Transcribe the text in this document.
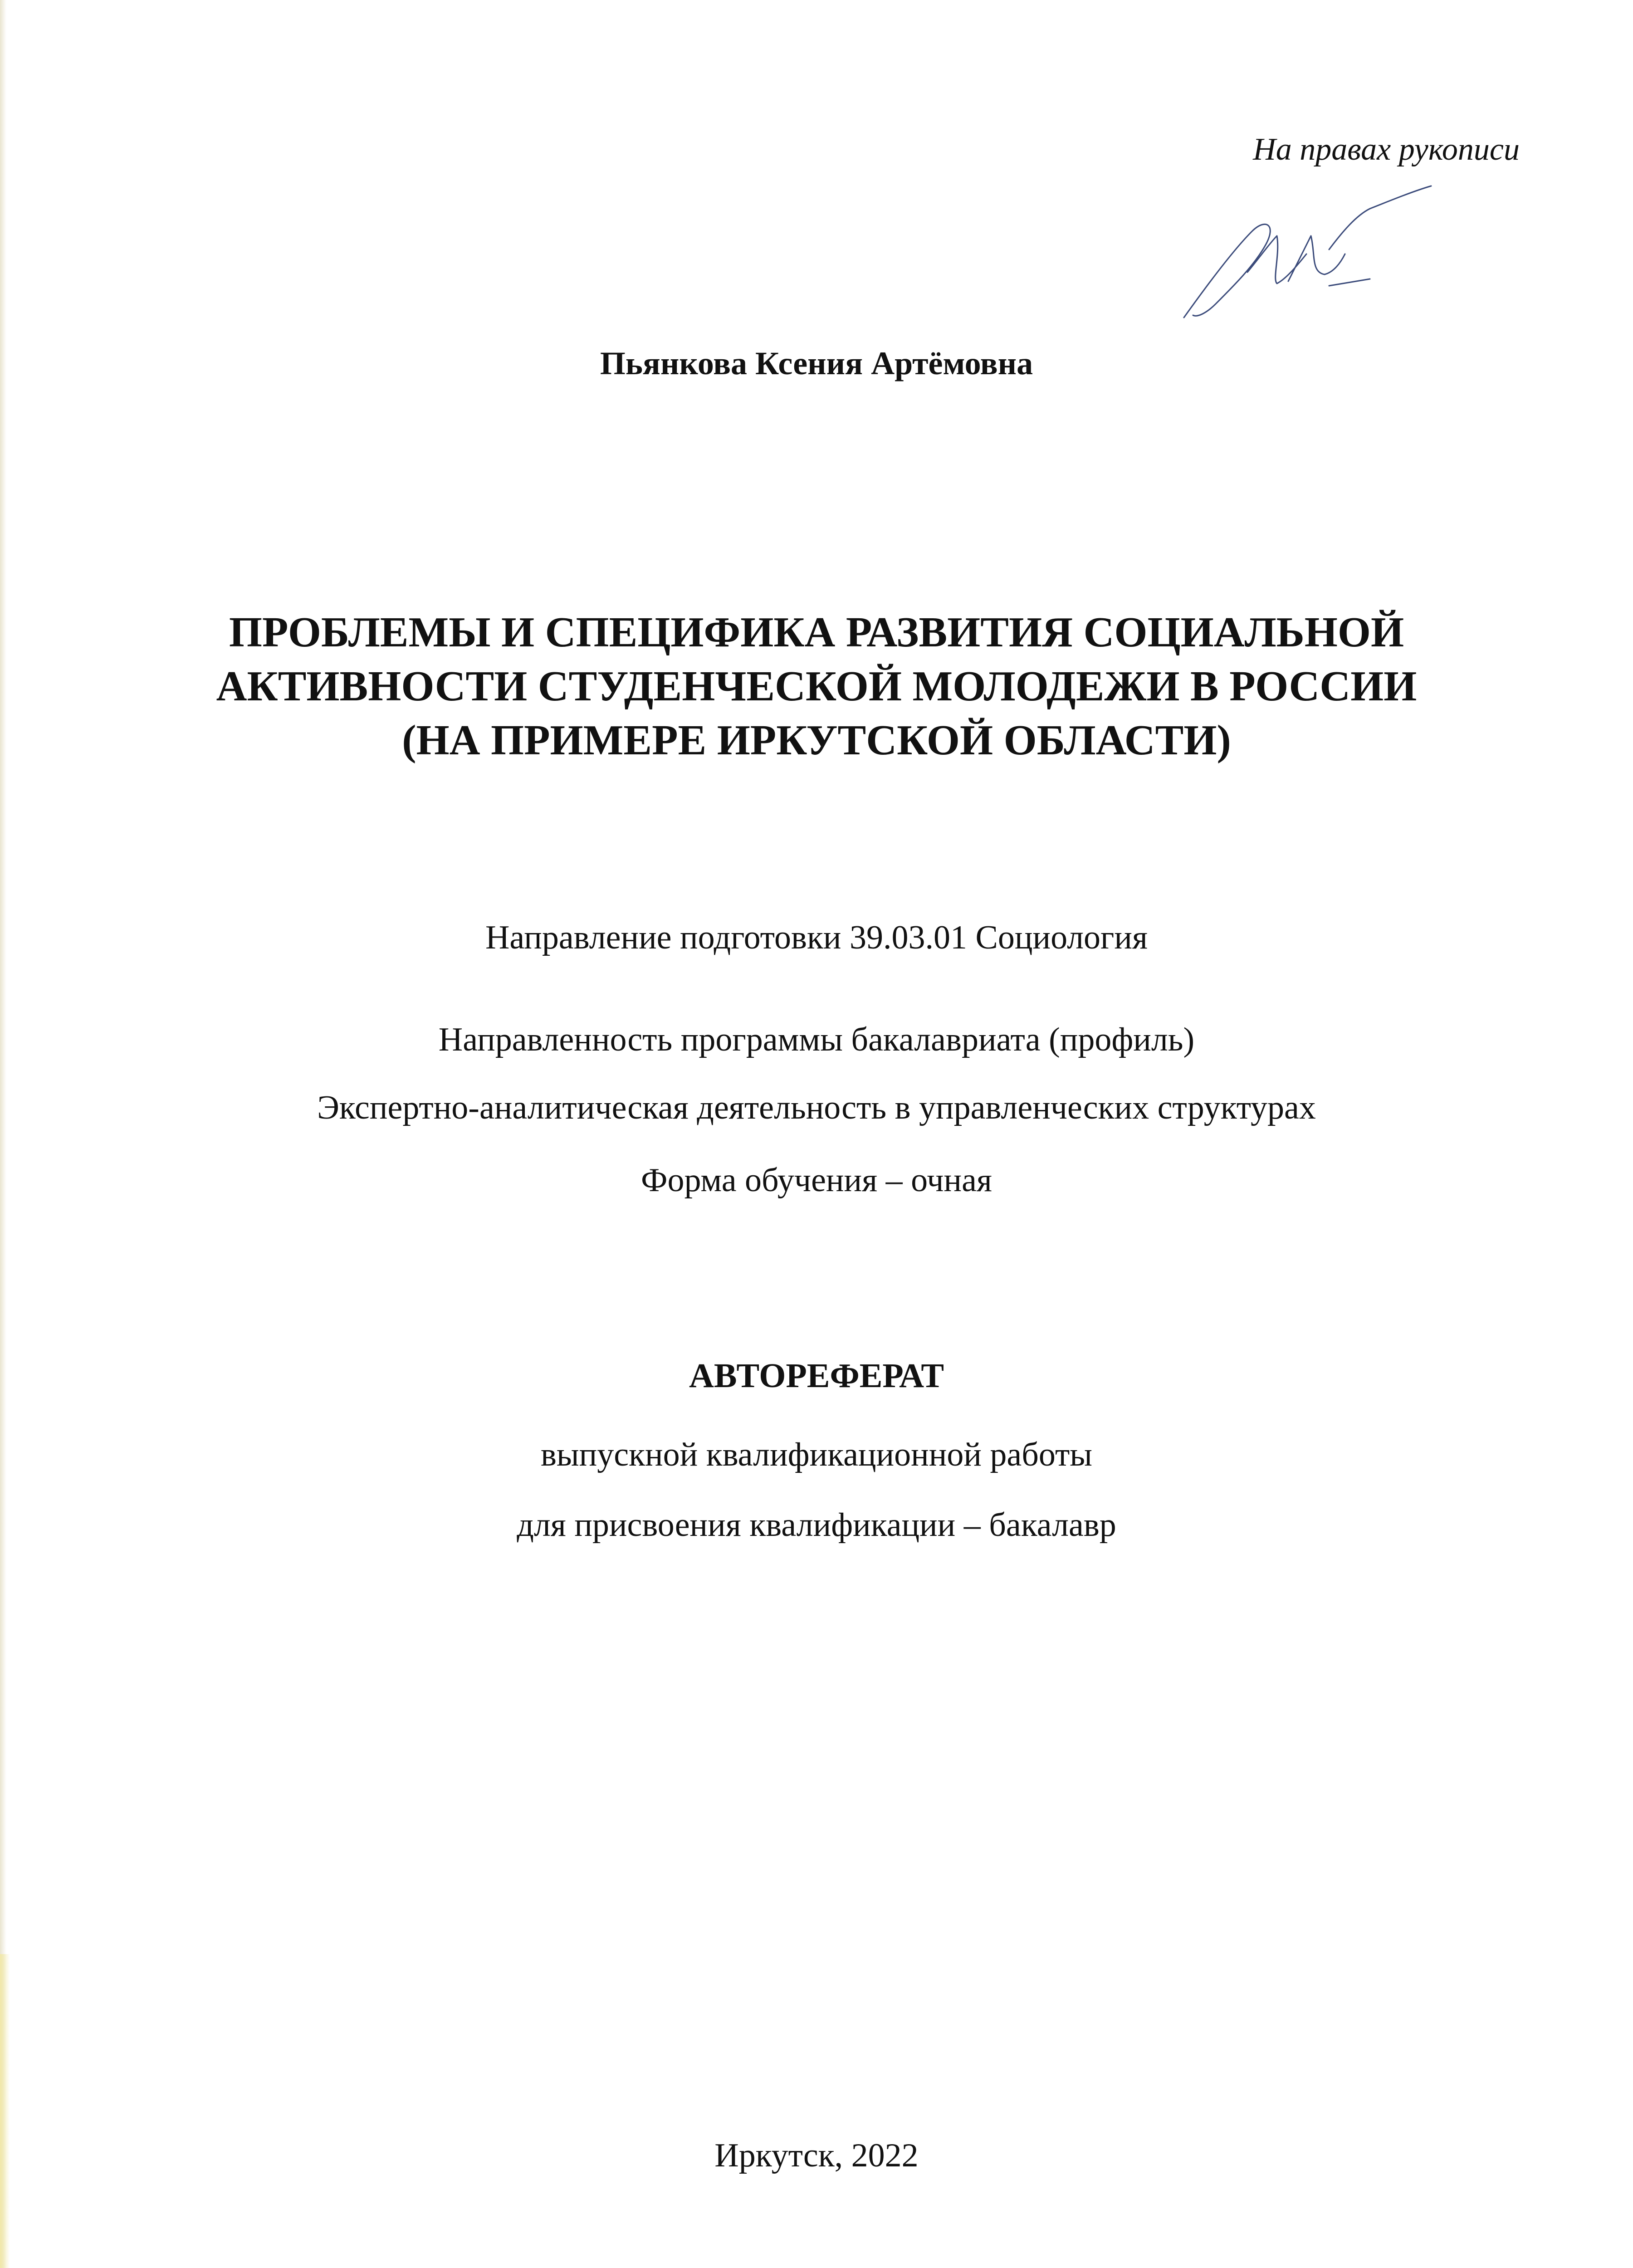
На правах рукописи
Пьянкова Ксения Артёмовна
ПРОБЛЕМЫ И СПЕЦИФИКА РАЗВИТИЯ СОЦИАЛЬНОЙ
АКТИВНОСТИ СТУДЕНЧЕСКОЙ МОЛОДЕЖИ В РОССИИ
(НА ПРИМЕРЕ ИРКУТСКОЙ ОБЛАСТИ)
Направление подготовки 39.03.01 Социология
Направленность программы бакалавриата (профиль)
Экспертно-аналитическая деятельность в управленческих структурах
Форма обучения – очная
АВТОРЕФЕРАТ
выпускной квалификационной работы
для присвоения квалификации – бакалавр
Иркутск, 2022
